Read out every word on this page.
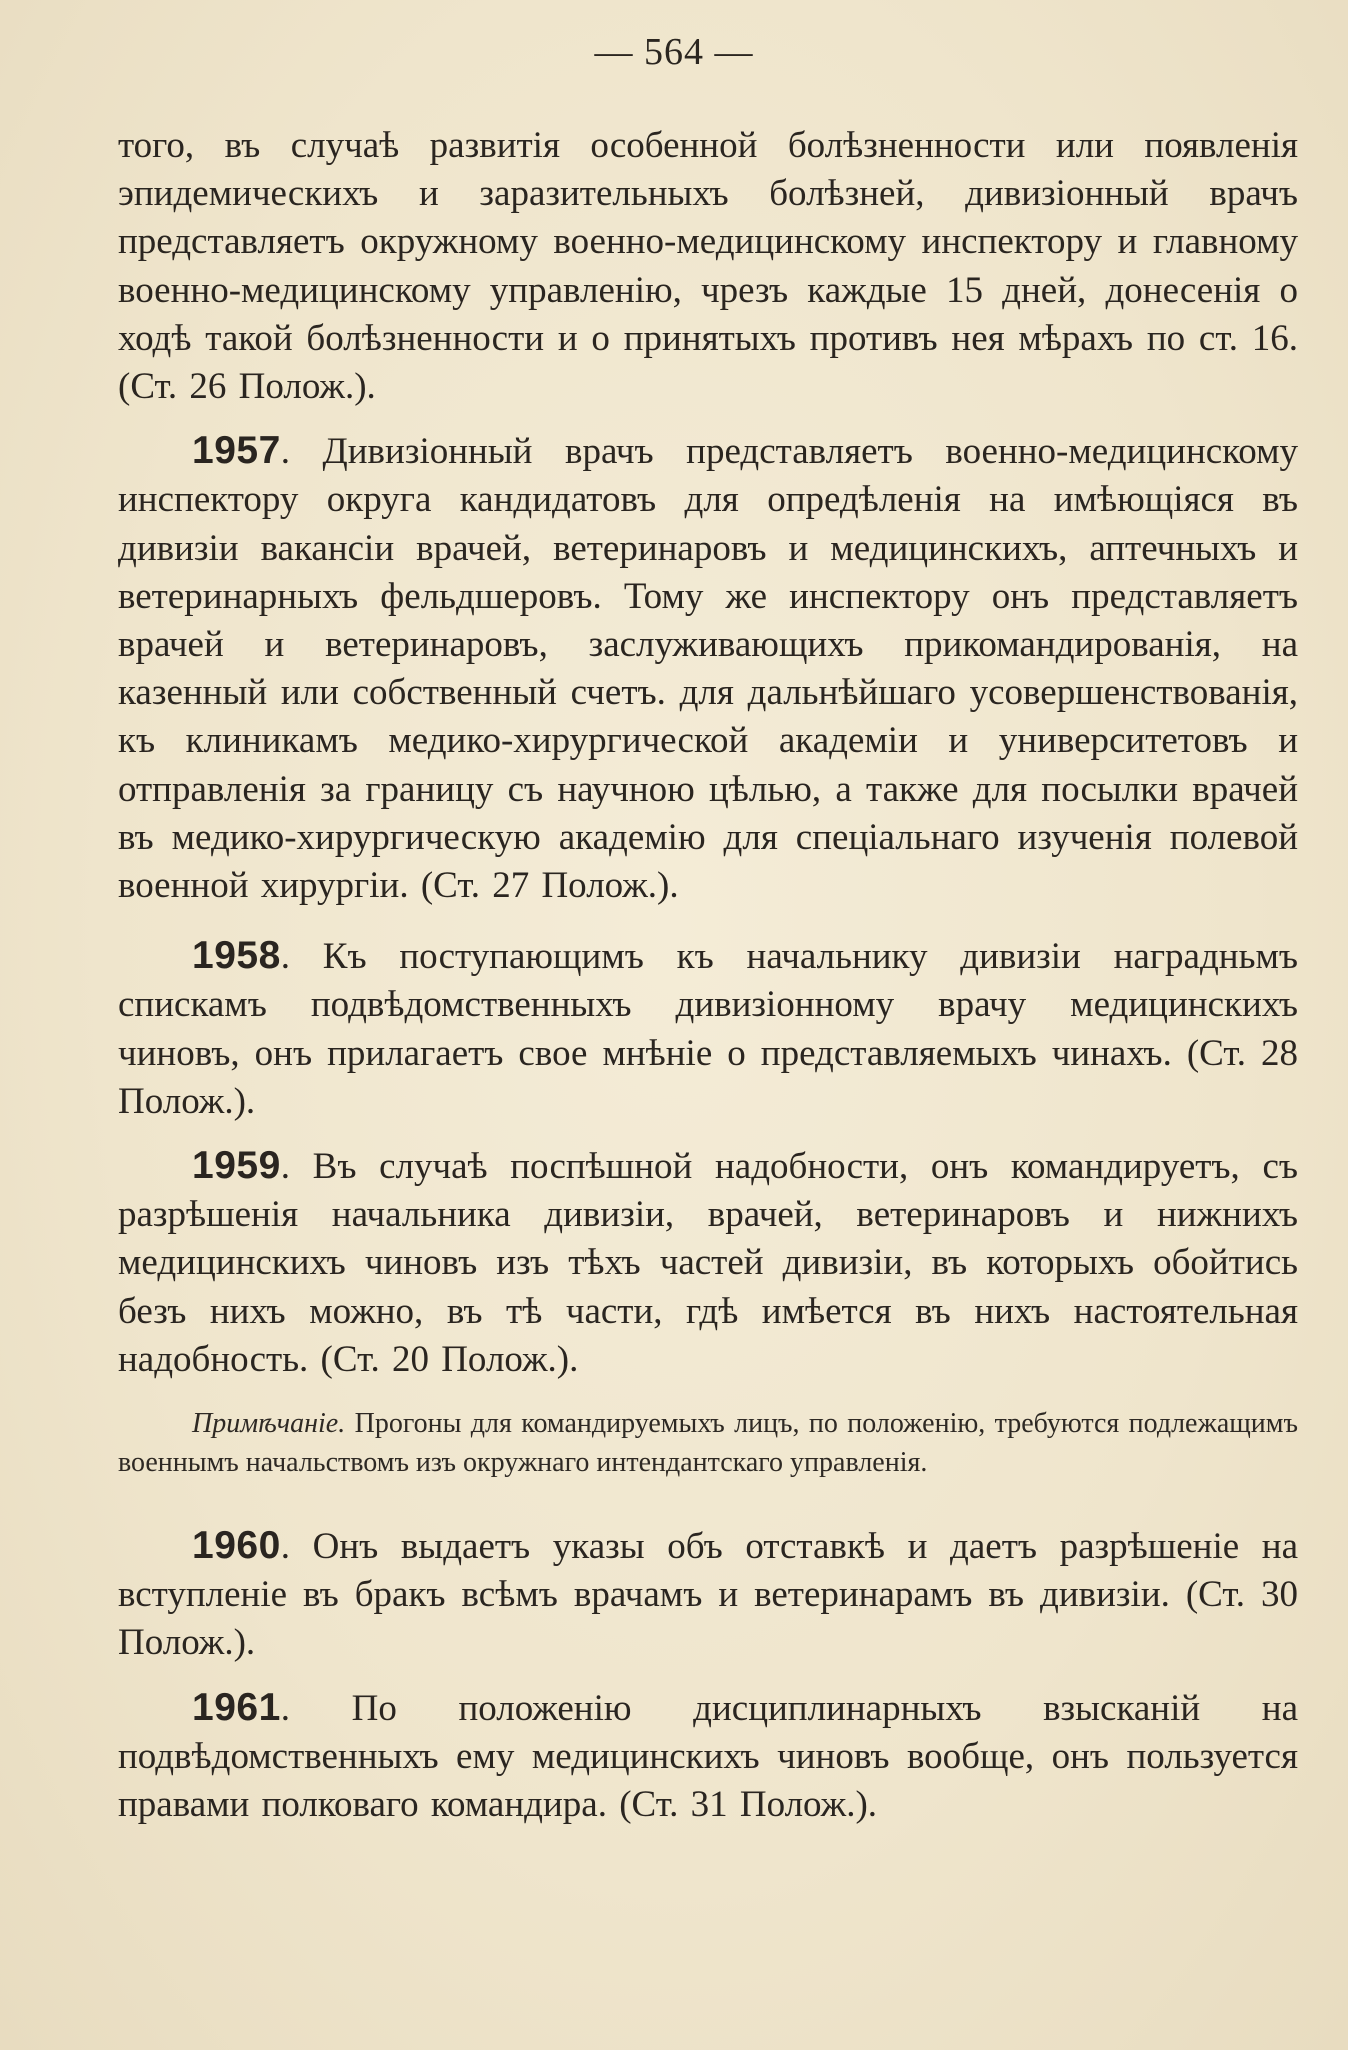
— 564 —

того, въ случаѣ развитія особенной болѣзненности или появленія эпидемическихъ и заразительныхъ болѣзней, дивизіонный врачъ представляетъ окружному военно-медицинскому инспектору и главному военно-медицинскому управленію, чрезъ каждые 15 дней, донесенія о ходѣ такой болѣзненности и о принятыхъ противъ нея мѣрахъ по ст. 16. (Ст. 26 Полож.).

1957. Дивизіонный врачъ представляетъ военно-медицинскому инспектору округа кандидатовъ для опредѣленія на имѣющіяся въ дивизіи вакансіи врачей, ветеринаровъ и медицинскихъ, аптечныхъ и ветеринарныхъ фельдшеровъ. Тому же инспектору онъ представляетъ врачей и ветеринаровъ, заслуживающихъ прикомандированія, на казенный или собственный счетъ. для дальнѣйшаго усовершенствованія, къ клиникамъ медико-хирургической академіи и университетовъ и отправленія за границу съ научною цѣлью, а также для посылки врачей въ медико-хирургическую академію для спеціальнаго изученія полевой военной хирургіи. (Ст. 27 Полож.).

1958. Къ поступающимъ къ начальнику дивизіи наградньмъ спискамъ подвѣдомственныхъ дивизіонному врачу медицинскихъ чиновъ, онъ прилагаетъ свое мнѣніе о представляемыхъ чинахъ. (Ст. 28 Полож.).

1959. Въ случаѣ поспѣшной надобности, онъ командируетъ, съ разрѣшенія начальника дивизіи, врачей, ветеринаровъ и нижнихъ медицинскихъ чиновъ изъ тѣхъ частей дивизіи, въ которыхъ обойтись безъ нихъ можно, въ тѣ части, гдѣ имѣется въ нихъ настоятельная надобность. (Ст. 20 Полож.).

Примѣчаніе. Прогоны для командируемыхъ лицъ, по положенію, требуются подлежащимъ военнымъ начальствомъ изъ окружнаго интендантскаго управленія.

1960. Онъ выдаетъ указы объ отставкѣ и даетъ разрѣшеніе на вступленіе въ бракъ всѣмъ врачамъ и ветеринарамъ въ дивизіи. (Ст. 30 Полож.).

1961. По положенію дисциплинарныхъ взысканій на подвѣдомственныхъ ему медицинскихъ чиновъ вообще, онъ пользуется правами полковаго командира. (Ст. 31 Полож.).
